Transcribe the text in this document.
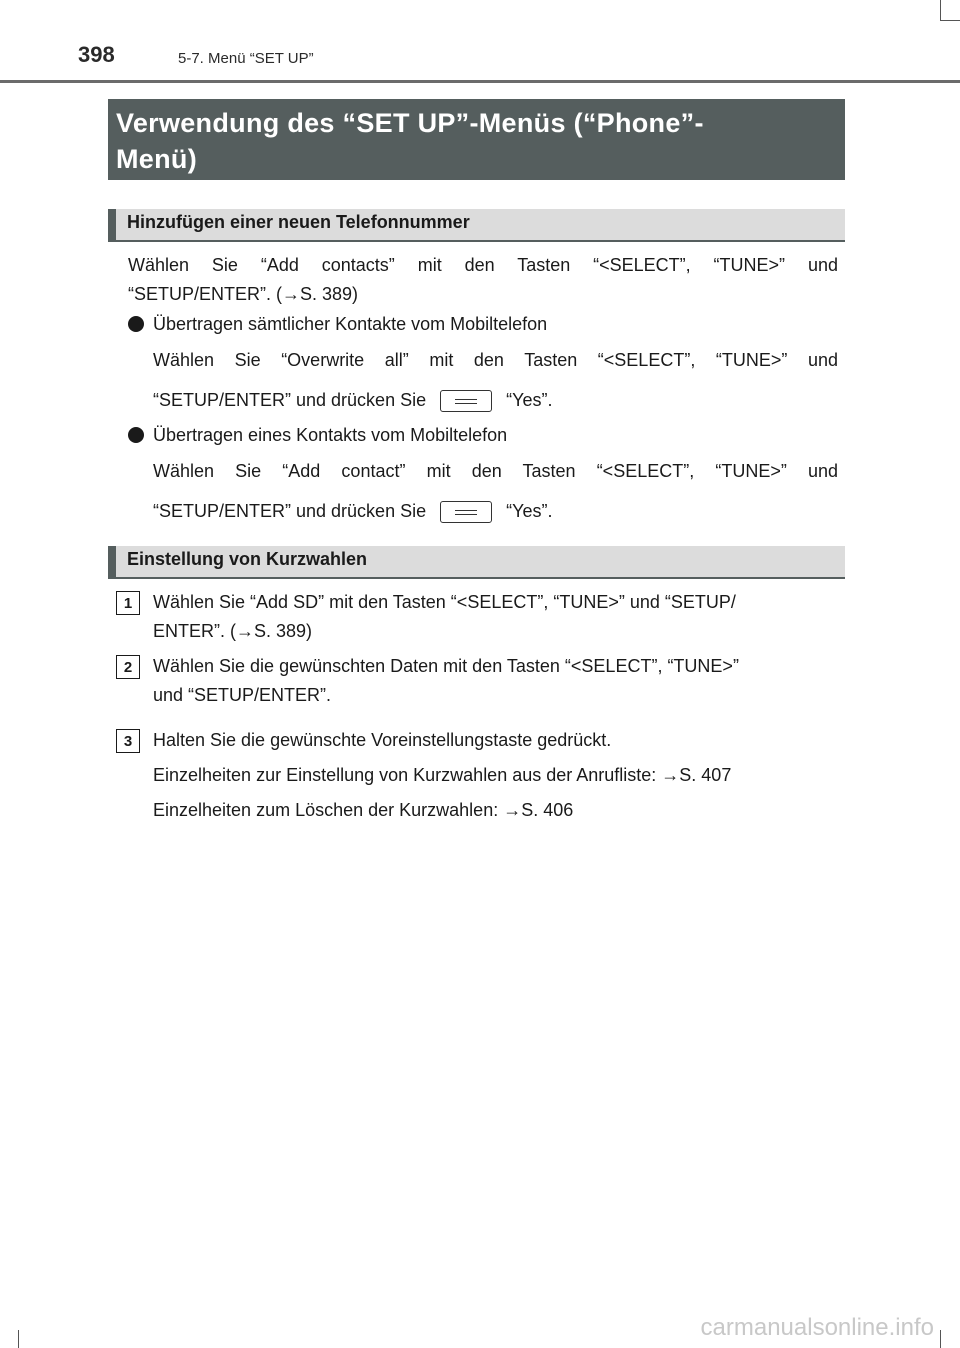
398	5-7. Menü “SET UP”
Verwendung des “SET UP”-Menüs (“Phone”-
Menü)
Hinzufügen einer neuen Telefonnummer
Wählen Sie “Add contacts” mit den Tasten “<SELECT”, “TUNE>” und
“SETUP/ENTER”. (→S. 389)
Übertragen sämtlicher Kontakte vom Mobiltelefon
Wählen Sie “Overwrite all” mit den Tasten “<SELECT”, “TUNE>” und
“SETUP/ENTER” und drücken Sie	“Yes”.
Übertragen eines Kontakts vom Mobiltelefon
Wählen Sie “Add contact” mit den Tasten “<SELECT”, “TUNE>” und
“SETUP/ENTER” und drücken Sie	“Yes”.
Einstellung von Kurzwahlen
1	Wählen Sie “Add SD” mit den Tasten “<SELECT”, “TUNE>” und “SETUP/
ENTER”. (→S. 389)
2	Wählen Sie die gewünschten Daten mit den Tasten “<SELECT”, “TUNE>”
und “SETUP/ENTER”.
3	Halten Sie die gewünschte Voreinstellungstaste gedrückt.
Einzelheiten zur Einstellung von Kurzwahlen aus der Anrufliste: →S. 407
Einzelheiten zum Löschen der Kurzwahlen: →S. 406
carmanualsonline.info
